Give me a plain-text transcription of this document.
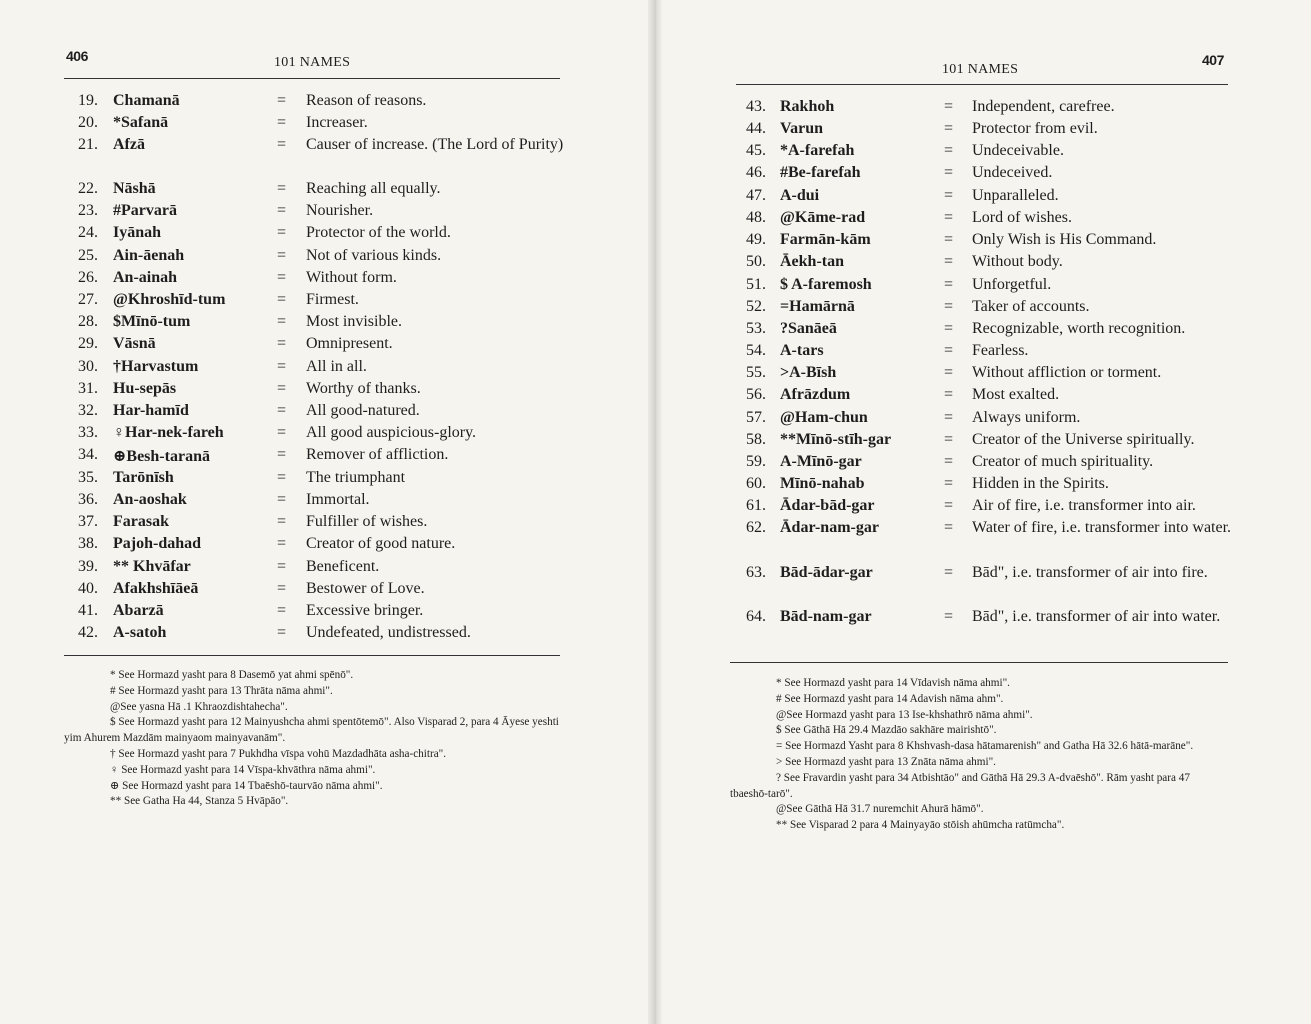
406	101 NAMES
19. Chamanā	= Reason of reasons.
20. *Safanā	= Increaser.
21. Afzā	= Causer of increase. (The Lord of Purity)
22. Nāshā	= Reaching all equally.
23. #Parvarā	= Nourisher.
24. Iyānah	= Protector of the world.
25. Ain-āenah	= Not of various kinds.
26. An-ainah	= Without form.
27. @Khroshīd-tum	= Firmest.
28. $Mīnō-tum	= Most invisible.
29. Vāsnā	= Omnipresent.
30. †Harvastum	= All in all.
31. Hu-sepās	= Worthy of thanks.
32. Har-hamīd	= All good-natured.
33. ♀Har-nek-fareh	= All good auspicious-glory.
34. ⊕Besh-taranā	= Remover of affliction.
35. Tarōnīsh	= The triumphant
36. An-aoshak	= Immortal.
37. Farasak	= Fulfiller of wishes.
38. Pajoh-dahad	= Creator of good nature.
39. ** Khvāfar	= Beneficent.
40. Afakhshīāeā	= Bestower of Love.
41. Abarzā	= Excessive bringer.
42. A-satoh	= Undefeated, undistressed.

* See Hormazd yasht para 8 Dasemō yat ahmi spēnō".

# See Hormazd yasht para 13 Thrāta nāma ahmi".

@See yasna Hā .1 Khraozdishtahecha".

$ See Hormazd yasht para 12 Mainyushcha ahmi spentōtemō". Also Visparad 2, para 4 Āyese yeshti yim Ahurem Mazdām mainyaom mainyavanām".

† See Hormazd yasht para 7 Pukhdha vīspa vohū Mazdadhāta asha-chitra".

♀ See Hormazd yasht para 14 Vīspa-khvāthra nāma ahmi".

⊕ See Hormazd yasht para 14 Tbaēshō-taurvāo nāma ahmi".

** See Gatha Ha 44, Stanza 5 Hvāpāo".

407
101 NAMES
43. Rakhoh	= Independent, carefree.
44. Varun	= Protector from evil.
45. *A-farefah	= Undeceivable.
46. #Be-farefah	= Undeceived.
47. A-dui	= Unparalleled.
48. @Kāme-rad	= Lord of wishes.
49. Farmān-kām	= Only Wish is His Command.
50. Āekh-tan	= Without body.
51. $ A-faremosh	= Unforgetful.
52. =Hamārnā	= Taker of accounts.
53. ?Sanāeā	= Recognizable, worth recognition.
54. A-tars	= Fearless.
55. >A-Bīsh	= Without affliction or torment.
56. Afrāzdum	= Most exalted.
57. @Ham-chun	= Always uniform.
58. **Mīnō-stīh-gar	= Creator of the Universe spiritually.
59. A-Mīnō-gar	= Creator of much spirituality.
60. Mīnō-nahab	= Hidden in the Spirits.
61. Ādar-bād-gar	= Air of fire, i.e. transformer into air.
62. Ādar-nam-gar	= Water of fire, i.e. transformer into water.
63. Bād-ādar-gar	= Bād", i.e. transformer of air into fire.
64. Bād-nam-gar	= Bād", i.e. transformer of air into water.

* See Hormazd yasht para 14 Vīdavish nāma ahmi".

# See Hormazd yasht para 14 Adavish nāma ahm".

@See Hormazd yasht para 13 Ise-khshathrō nāma ahmi".

$ See Gāthā Hā 29.4 Mazdāo sakhāre mairishtō".

= See Hormazd Yasht para 8 Khshvash-dasa hātamarenish" and Gatha Hā 32.6 hātā-marāne".

> See Hormazd yasht para 13 Znāta nāma ahmi".

? See Fravardin yasht para 34 Atbishtāo" and Gāthā Hā 29.3 A-dvaēshō". Rām yasht para 47 tbaeshō-tarō".

@See Gāthā Hā 31.7 nuremchit Ahurā hāmō".

** See Visparad 2 para 4 Mainyayāo stōish ahūmcha ratūmcha".
